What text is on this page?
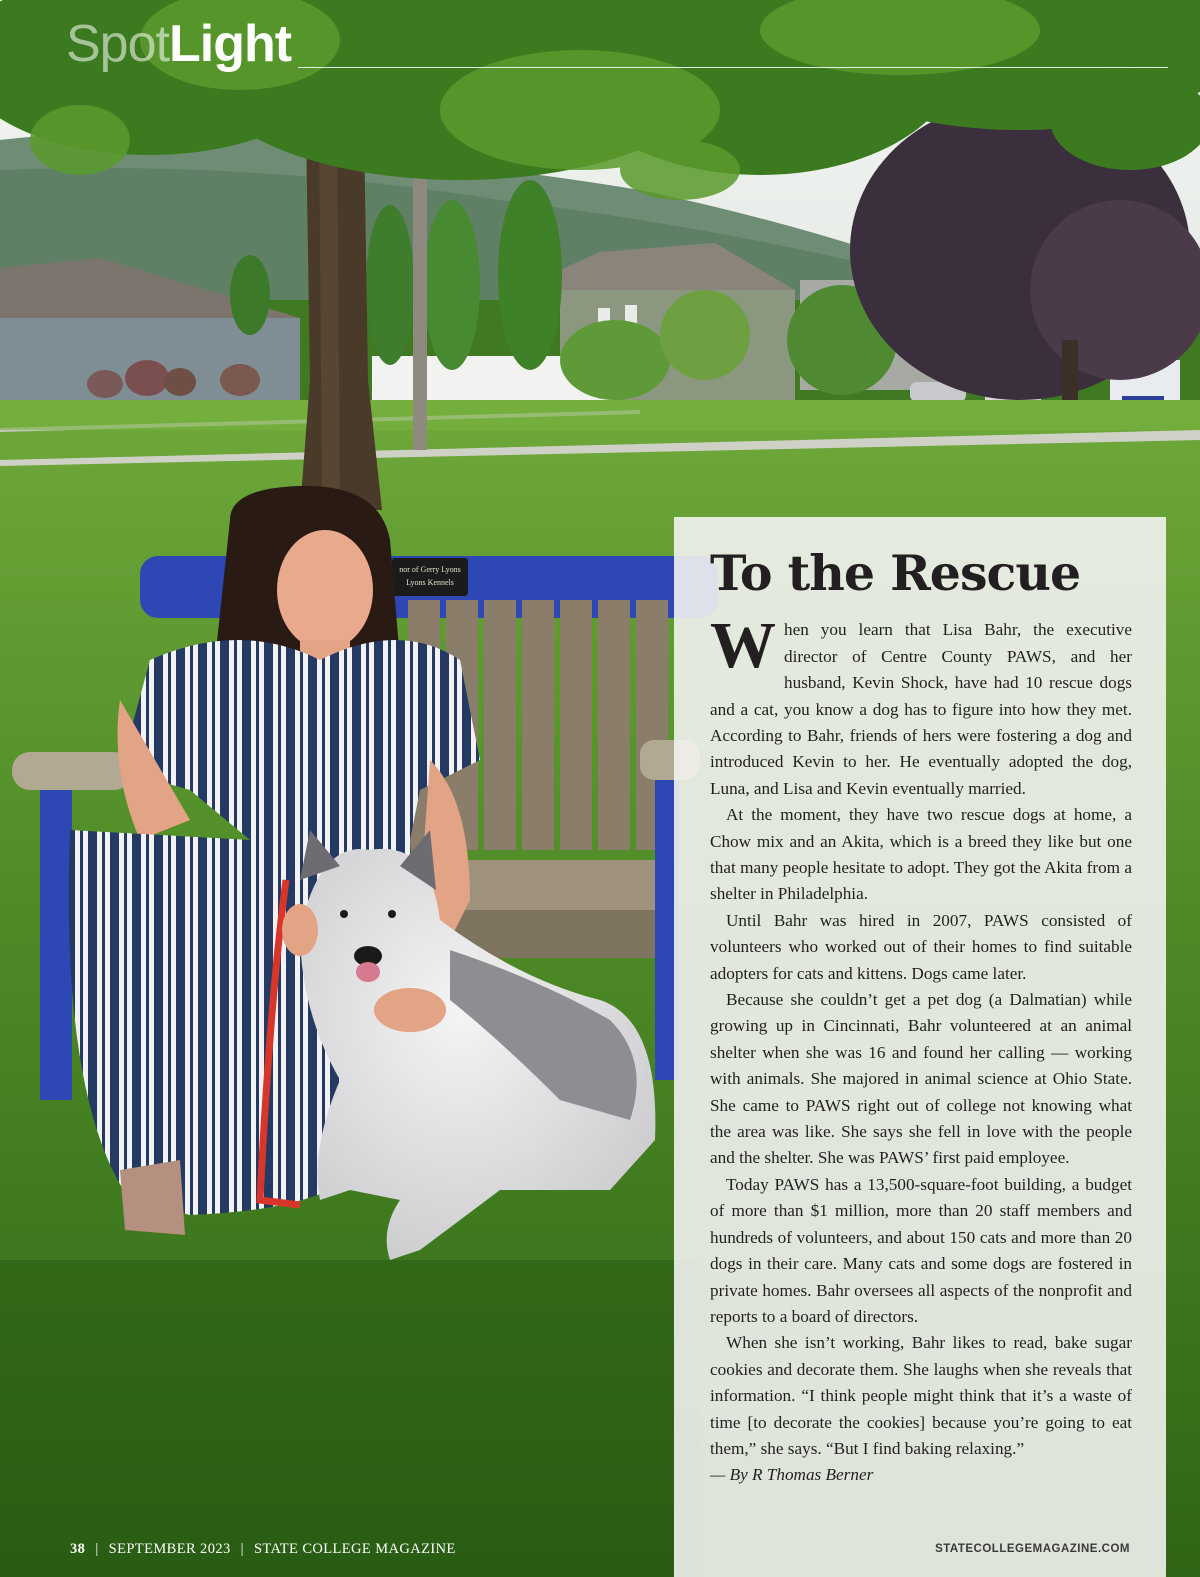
nor of Gerry Lyons
Lyons Kennels
SpotLight
To the Rescue

When you learn that Lisa Bahr, the executive director of Centre County PAWS, and her husband, Kevin Shock, have had 10 rescue dogs and a cat, you know a dog has to figure into how they met. According to Bahr, friends of hers were fostering a dog and introduced Kevin to her. He eventually adopted the dog, Luna, and Lisa and Kevin eventually married.

At the moment, they have two rescue dogs at home, a Chow mix and an Akita, which is a breed they like but one that many people hesitate to adopt. They got the Akita from a shelter in Philadelphia.

Until Bahr was hired in 2007, PAWS consisted of volunteers who worked out of their homes to find suitable adopters for cats and kittens. Dogs came later.

Because she couldn’t get a pet dog (a Dalmatian) while growing up in Cincinnati, Bahr volunteered at an animal shelter when she was 16 and found her calling — working with animals. She majored in animal science at Ohio State. She came to PAWS right out of college not knowing what the area was like. She says she fell in love with the people and the shelter. She was PAWS’ first paid employee.

Today PAWS has a 13,500-square-foot building, a budget of more than $1 million, more than 20 staff members and hundreds of volunteers, and about 150 cats and more than 20 dogs in their care. Many cats and some dogs are fostered in private homes. Bahr oversees all aspects of the nonprofit and reports to a board of directors.

When she isn’t working, Bahr likes to read, bake sugar cookies and decorate them. She laughs when she reveals that information. “I think people might think that it’s a waste of time [to decorate the cookies] because you’re going to eat them,” she says. “But I find baking relaxing.”

— By R Thomas Berner
38 | SEPTEMBER 2023 | STATE COLLEGE MAGAZINE	STATECOLLEGEMAGAZINE.COM
